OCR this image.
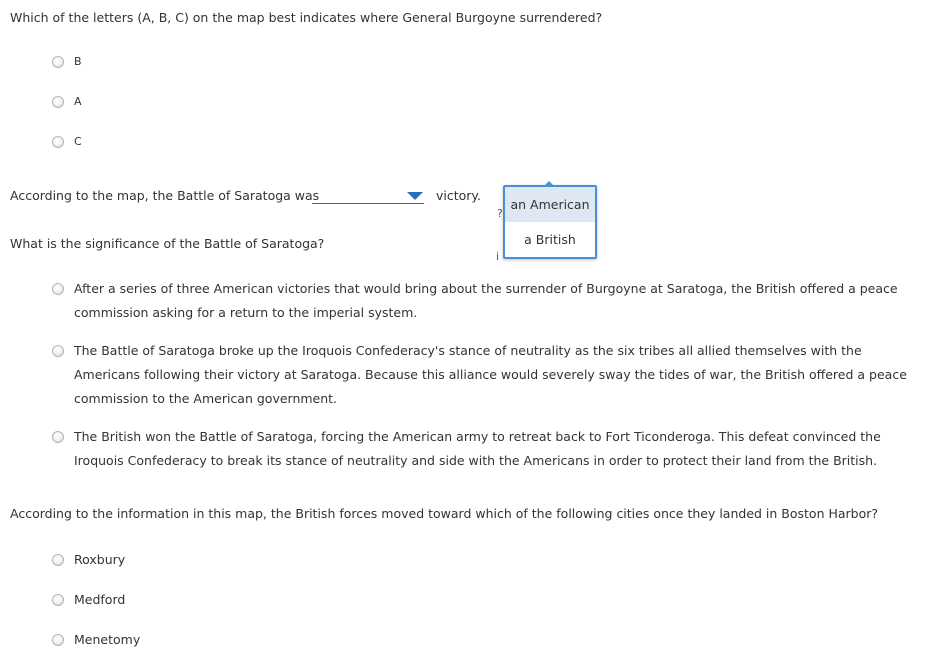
Which of the letters (A, B, C) on the map best indicates where General Burgoyne surrendered?

B
A
C

According to the map, the Battle of Saratoga was	victory.

?
i

What is the significance of the Battle of Saratoga?

After a series of three American victories that would bring about the surrender of Burgoyne at Saratoga, the British offered a peace commission asking for a return to the imperial system.
The Battle of Saratoga broke up the Iroquois Confederacy's stance of neutrality as the six tribes all allied themselves with the Americans following their victory at Saratoga. Because this alliance would severely sway the tides of war, the British offered a peace commission to the American government.
The British won the Battle of Saratoga, forcing the American army to retreat back to Fort Ticonderoga. This defeat convinced the Iroquois Confederacy to break its stance of neutrality and side with the Americans in order to protect their land from the British.

According to the information in this map, the British forces moved toward which of the following cities once they landed in Boston Harbor?

Roxbury
Medford
Menetomy
an American
a British
